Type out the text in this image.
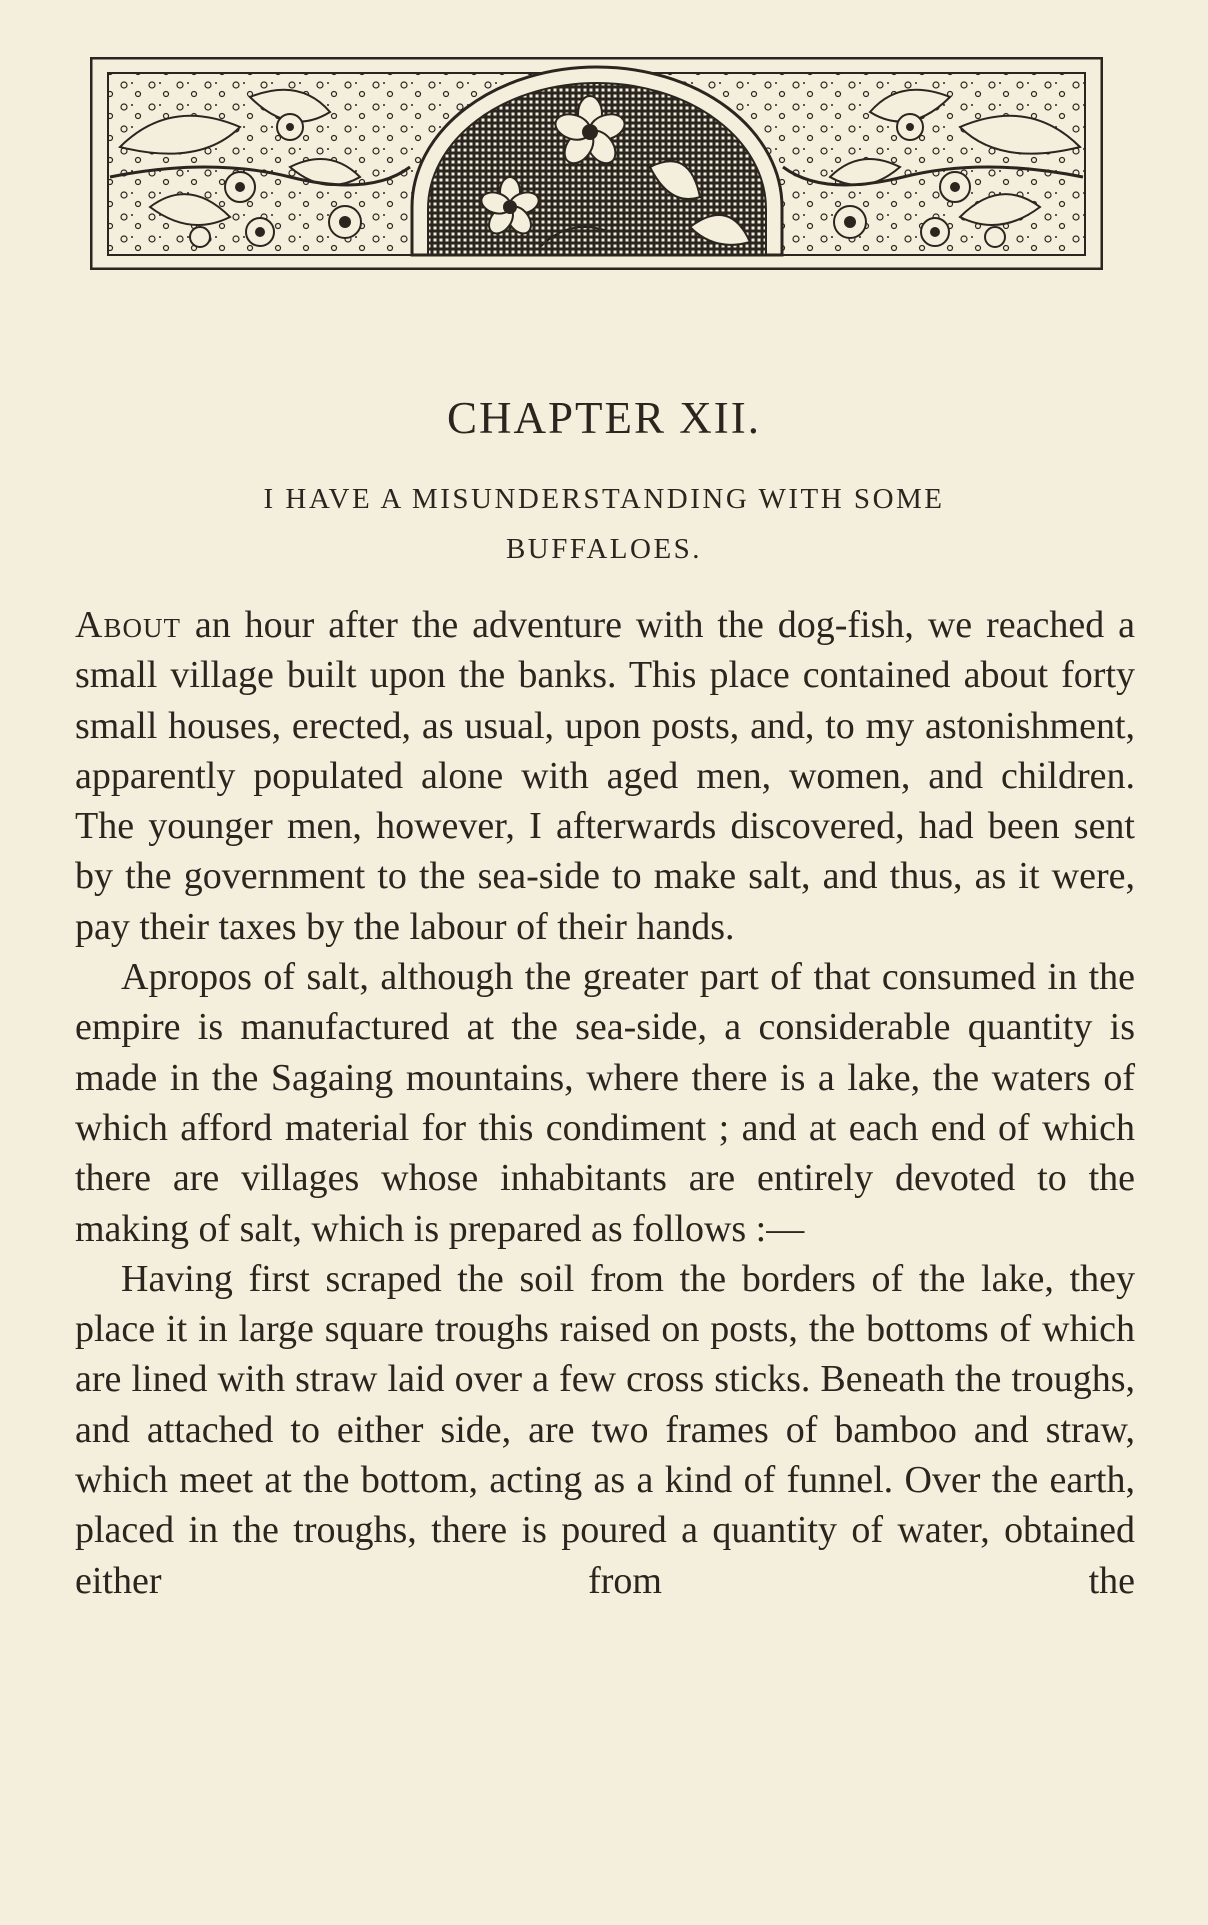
CHAPTER XII.
I HAVE A MISUNDERSTANDING WITH SOME
BUFFALOES.

About an hour after the adventure with the dog-fish, we reached a small village built upon the banks. This place contained about forty small houses, erected, as usual, upon posts, and, to my astonishment, apparently populated alone with aged men, women, and children. The younger men, however, I afterwards discovered, had been sent by the government to the sea-side to make salt, and thus, as it were, pay their taxes by the labour of their hands.

Apropos of salt, although the greater part of that consumed in the empire is manufactured at the sea-side, a considerable quantity is made in the Sagaing mountains, where there is a lake, the waters of which afford material for this condiment ; and at each end of which there are villages whose inhabitants are entirely devoted to the making of salt, which is prepared as follows :—

Having first scraped the soil from the borders of the lake, they place it in large square troughs raised on posts, the bottoms of which are lined with straw laid over a few cross sticks. Beneath the troughs, and attached to either side, are two frames of bamboo and straw, which meet at the bottom, acting as a kind of funnel. Over the earth, placed in the troughs, there is poured a quantity of water, obtained either from the
